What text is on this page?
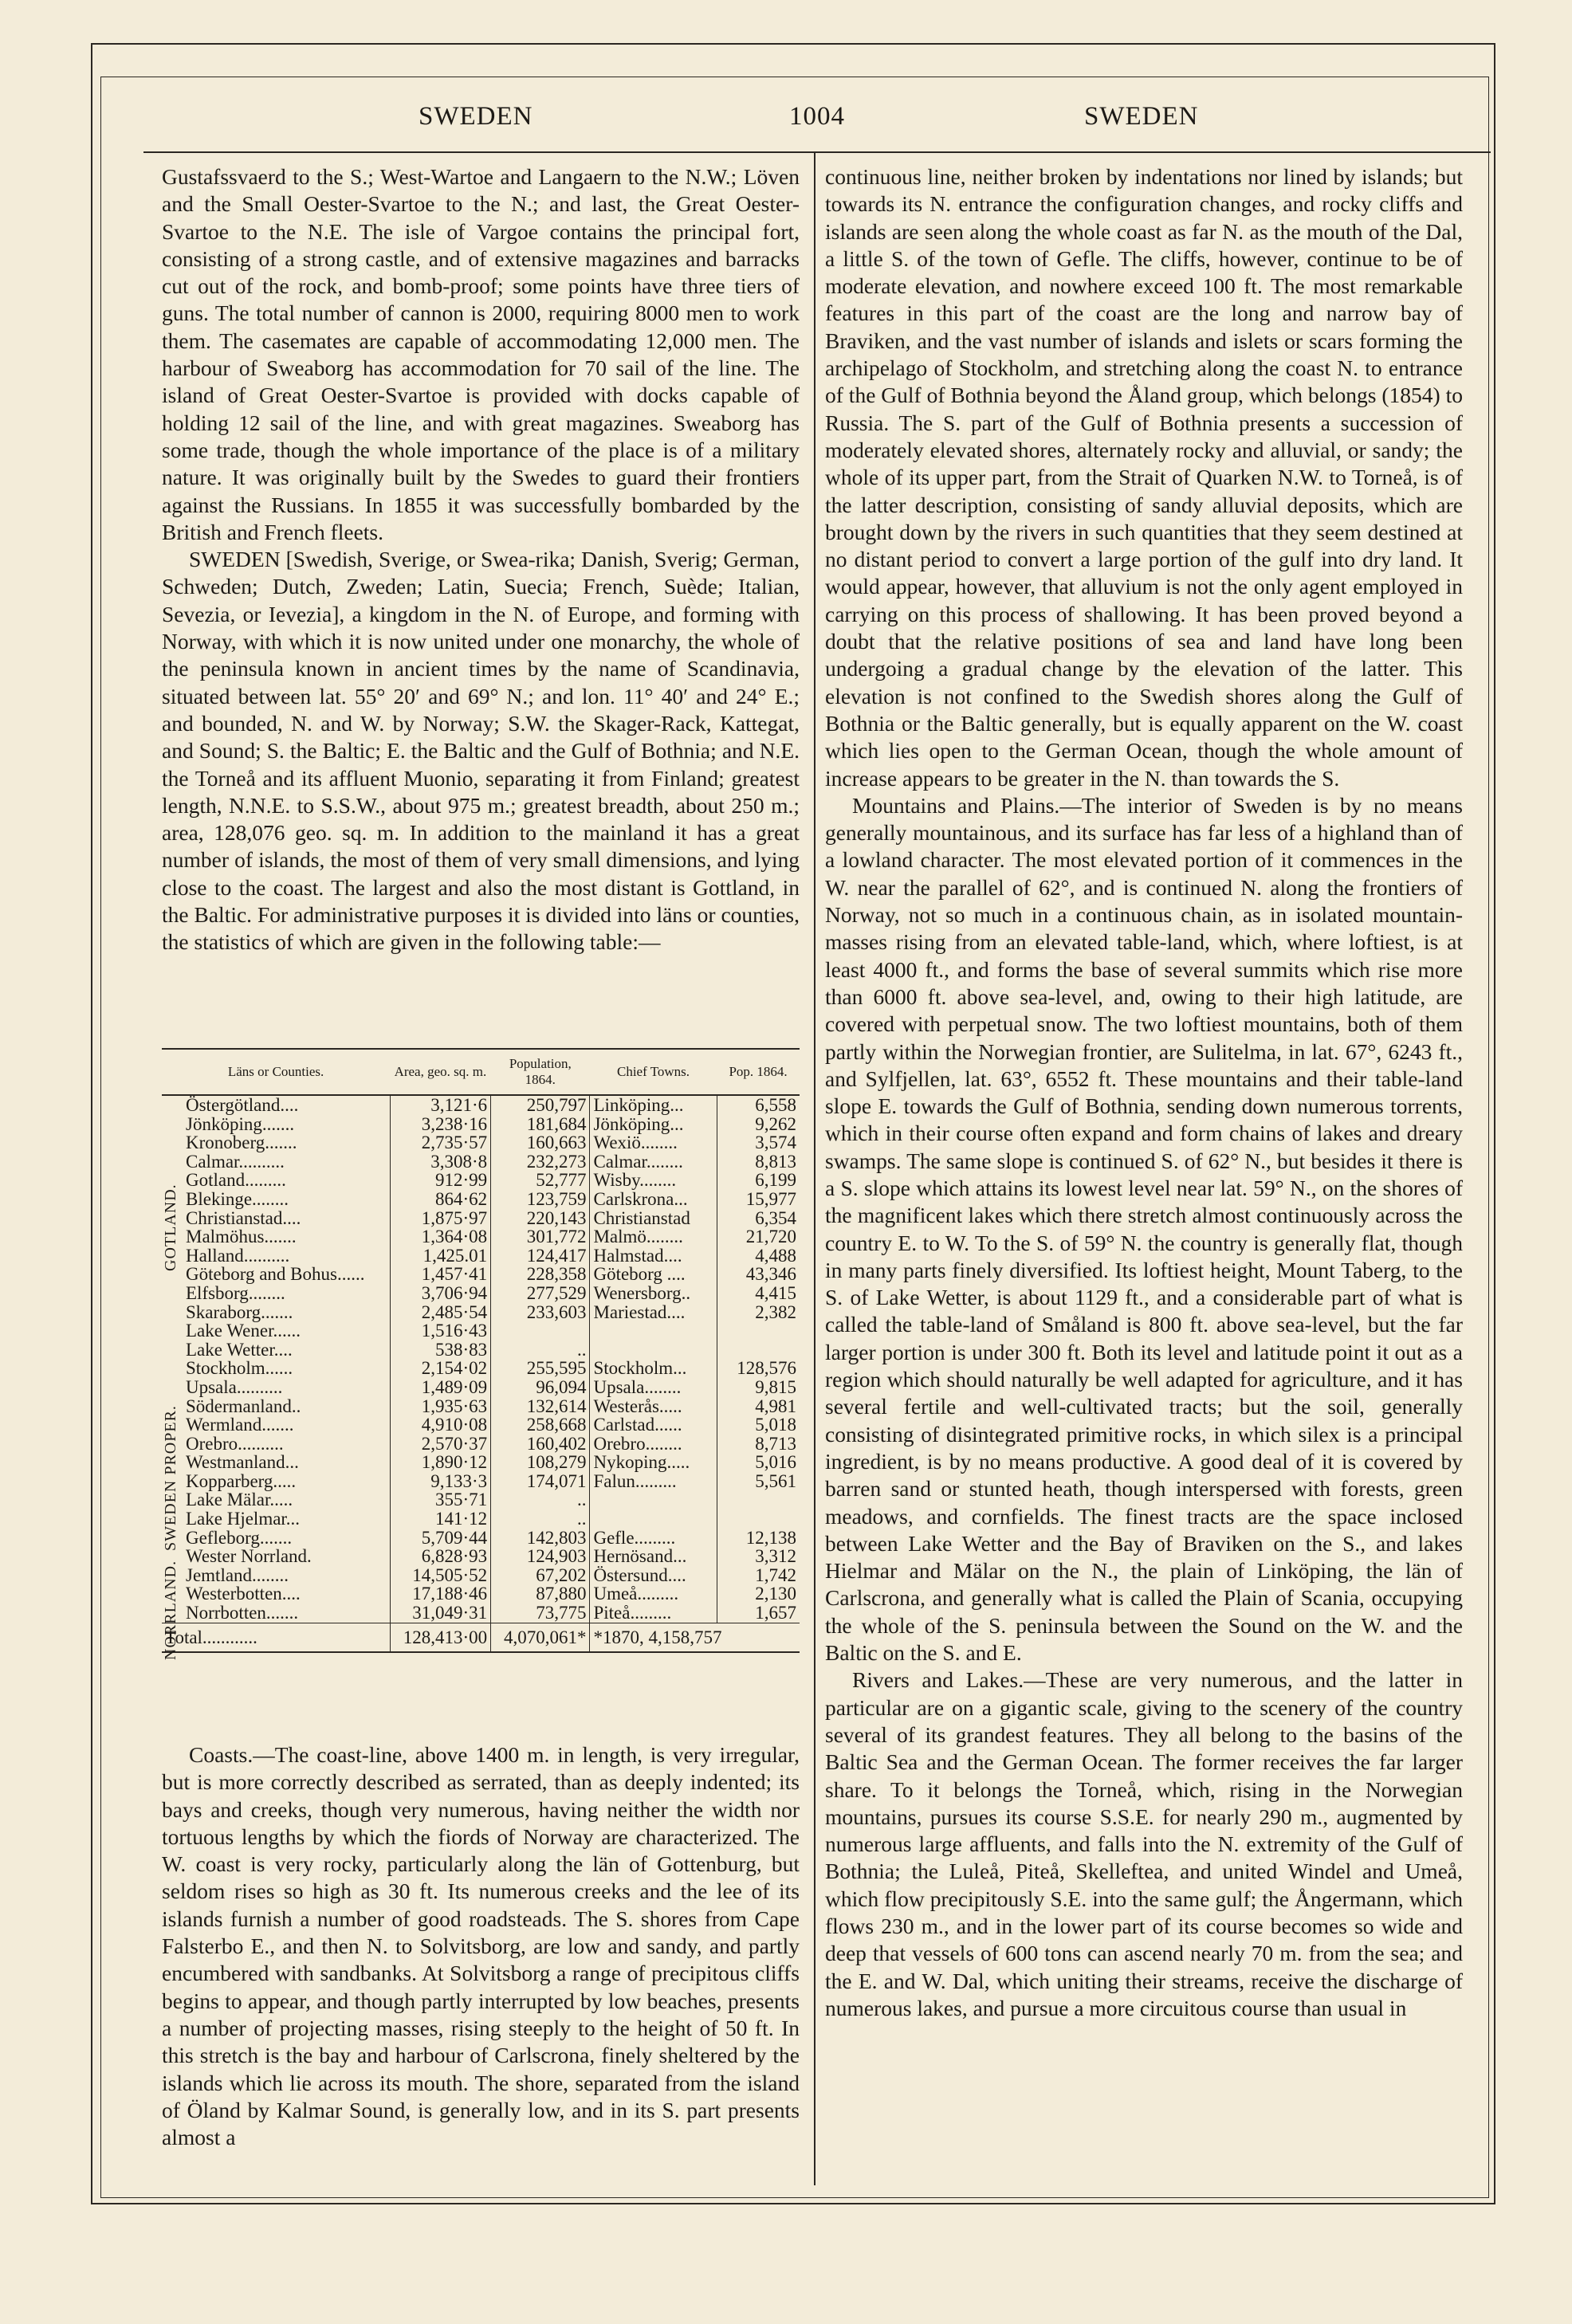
SWEDEN	1004	SWEDEN

Gustafssvaerd to the S.; West-Wartoe and Langaern to the N.W.; Löven and the Small Oester-Svartoe to the N.; and last, the Great Oester-Svartoe to the N.E. The isle of Vargoe contains the principal fort, consisting of a strong castle, and of extensive magazines and barracks cut out of the rock, and bomb-proof; some points have three tiers of guns. The total number of cannon is 2000, requiring 8000 men to work them. The casemates are capable of accommodating 12,000 men. The harbour of Sweaborg has accommodation for 70 sail of the line. The island of Great Oester-Svartoe is provided with docks capable of holding 12 sail of the line, and with great magazines. Sweaborg has some trade, though the whole importance of the place is of a military nature. It was originally built by the Swedes to guard their frontiers against the Russians. In 1855 it was successfully bombarded by the British and French fleets.

SWEDEN [Swedish, Sverige, or Swea-rika; Danish, Sverig; German, Schweden; Dutch, Zweden; Latin, Suecia; French, Suède; Italian, Sevezia, or Ievezia], a kingdom in the N. of Europe, and forming with Norway, with which it is now united under one monarchy, the whole of the peninsula known in ancient times by the name of Scandinavia, situated between lat. 55° 20′ and 69° N.; and lon. 11° 40′ and 24° E.; and bounded, N. and W. by Norway; S.W. the Skager-Rack, Kattegat, and Sound; S. the Baltic; E. the Baltic and the Gulf of Bothnia; and N.E. the Torneå and its affluent Muonio, separating it from Finland; greatest length, N.N.E. to S.S.W., about 975 m.; greatest breadth, about 250 m.; area, 128,076 geo. sq. m. In addition to the mainland it has a great number of islands, the most of them of very small dimensions, and lying close to the coast. The largest and also the most distant is Gottland, in the Baltic. For administrative purposes it is divided into läns or counties, the statistics of which are given in the following table:—

Läns or Counties.	Area, geo. sq. m.	Population, 1864.	Chief Towns.	Pop. 1864.
Östergötland....	3,121·6	250,797	Linköping...	6,558
Jönköping.......	3,238·16	181,684	Jönköping...	9,262
Kronoberg.......	2,735·57	160,663	Wexiö........	3,574
Calmar..........	3,308·8	232,273	Calmar........	8,813
Gotland.........	912·99	52,777	Wisby........	6,199
Blekinge........	864·62	123,759	Carlskrona...	15,977
Christianstad....	1,875·97	220,143	Christianstad	6,354
Malmöhus.......	1,364·08	301,772	Malmö........	21,720
Halland..........	1,425.01	124,417	Halmstad....	4,488
Göteborg and Bohus......	1,457·41	228,358	Göteborg ....	43,346
Elfsborg........	3,706·94	277,529	Wenersborg..	4,415
Skaraborg.......	2,485·54	233,603	Mariestad....	2,382
Lake Wener......	1,516·43			
Lake Wetter....	538·83	..		
Stockholm......	2,154·02	255,595	Stockholm...	128,576
Upsala..........	1,489·09	96,094	Upsala........	9,815
Södermanland..	1,935·63	132,614	Westerås.....	4,981
Wermland.......	4,910·08	258,668	Carlstad......	5,018
Orebro..........	2,570·37	160,402	Orebro........	8,713
Westmanland...	1,890·12	108,279	Nykoping.....	5,016
Kopparberg.....	9,133·3	174,071	Falun.........	5,561
Lake Mälar.....	355·71	..		
Lake Hjelmar...	141·12	..		
Gefleborg.......	5,709·44	142,803	Gefle.........	12,138
Wester Norrland.	6,828·93	124,903	Hernösand...	3,312
Jemtland........	14,505·52	67,202	Östersund....	1,742
Westerbotten....	17,188·46	87,880	Umeå.........	2,130
Norrbotten.......	31,049·31	73,775	Piteå.........	1,657
Total............	128,413·00	4,070,061*	*1870, 4,158,757	
GOTLAND.
SWEDEN PROPER.
NORRLAND.

Coasts.—The coast-line, above 1400 m. in length, is very irregular, but is more correctly described as serrated, than as deeply indented; its bays and creeks, though very numerous, having neither the width nor tortuous lengths by which the fiords of Norway are characterized. The W. coast is very rocky, particularly along the län of Gottenburg, but seldom rises so high as 30 ft. Its numerous creeks and the lee of its islands furnish a number of good roadsteads. The S. shores from Cape Falsterbo E., and then N. to Solvitsborg, are low and sandy, and partly encumbered with sandbanks. At Solvitsborg a range of precipitous cliffs begins to appear, and though partly interrupted by low beaches, presents a number of projecting masses, rising steeply to the height of 50 ft. In this stretch is the bay and harbour of Carlscrona, finely sheltered by the islands which lie across its mouth. The shore, separated from the island of Öland by Kalmar Sound, is generally low, and in its S. part presents almost a

continuous line, neither broken by indentations nor lined by islands; but towards its N. entrance the configuration changes, and rocky cliffs and islands are seen along the whole coast as far N. as the mouth of the Dal, a little S. of the town of Gefle. The cliffs, however, continue to be of moderate elevation, and nowhere exceed 100 ft. The most remarkable features in this part of the coast are the long and narrow bay of Braviken, and the vast number of islands and islets or scars forming the archipelago of Stockholm, and stretching along the coast N. to entrance of the Gulf of Bothnia beyond the Åland group, which belongs (1854) to Russia. The S. part of the Gulf of Bothnia presents a succession of moderately elevated shores, alternately rocky and alluvial, or sandy; the whole of its upper part, from the Strait of Quarken N.W. to Torneå, is of the latter description, consisting of sandy alluvial deposits, which are brought down by the rivers in such quantities that they seem destined at no distant period to convert a large portion of the gulf into dry land. It would appear, however, that alluvium is not the only agent employed in carrying on this process of shallowing. It has been proved beyond a doubt that the relative positions of sea and land have long been undergoing a gradual change by the elevation of the latter. This elevation is not confined to the Swedish shores along the Gulf of Bothnia or the Baltic generally, but is equally apparent on the W. coast which lies open to the German Ocean, though the whole amount of increase appears to be greater in the N. than towards the S.

Mountains and Plains.—The interior of Sweden is by no means generally mountainous, and its surface has far less of a highland than of a lowland character. The most elevated portion of it commences in the W. near the parallel of 62°, and is continued N. along the frontiers of Norway, not so much in a continuous chain, as in isolated mountain-masses rising from an elevated table-land, which, where loftiest, is at least 4000 ft., and forms the base of several summits which rise more than 6000 ft. above sea-level, and, owing to their high latitude, are covered with perpetual snow. The two loftiest mountains, both of them partly within the Norwegian frontier, are Sulitelma, in lat. 67°, 6243 ft., and Sylfjellen, lat. 63°, 6552 ft. These mountains and their table-land slope E. towards the Gulf of Bothnia, sending down numerous torrents, which in their course often expand and form chains of lakes and dreary swamps. The same slope is continued S. of 62° N., but besides it there is a S. slope which attains its lowest level near lat. 59° N., on the shores of the magnificent lakes which there stretch almost continuously across the country E. to W. To the S. of 59° N. the country is generally flat, though in many parts finely diversified. Its loftiest height, Mount Taberg, to the S. of Lake Wetter, is about 1129 ft., and a considerable part of what is called the table-land of Småland is 800 ft. above sea-level, but the far larger portion is under 300 ft. Both its level and latitude point it out as a region which should naturally be well adapted for agriculture, and it has several fertile and well-cultivated tracts; but the soil, generally consisting of disintegrated primitive rocks, in which silex is a principal ingredient, is by no means productive. A good deal of it is covered by barren sand or stunted heath, though interspersed with forests, green meadows, and cornfields. The finest tracts are the space inclosed between Lake Wetter and the Bay of Braviken on the S., and lakes Hielmar and Mälar on the N., the plain of Linköping, the län of Carlscrona, and generally what is called the Plain of Scania, occupying the whole of the S. peninsula between the Sound on the W. and the Baltic on the S. and E.

Rivers and Lakes.—These are very numerous, and the latter in particular are on a gigantic scale, giving to the scenery of the country several of its grandest features. They all belong to the basins of the Baltic Sea and the German Ocean. The former receives the far larger share. To it belongs the Torneå, which, rising in the Norwegian mountains, pursues its course S.S.E. for nearly 290 m., augmented by numerous large affluents, and falls into the N. extremity of the Gulf of Bothnia; the Luleå, Piteå, Skelleftea, and united Windel and Umeå, which flow precipitously S.E. into the same gulf; the Ångermann, which flows 230 m., and in the lower part of its course becomes so wide and deep that vessels of 600 tons can ascend nearly 70 m. from the sea; and the E. and W. Dal, which uniting their streams, receive the discharge of numerous lakes, and pursue a more circuitous course than usual in
